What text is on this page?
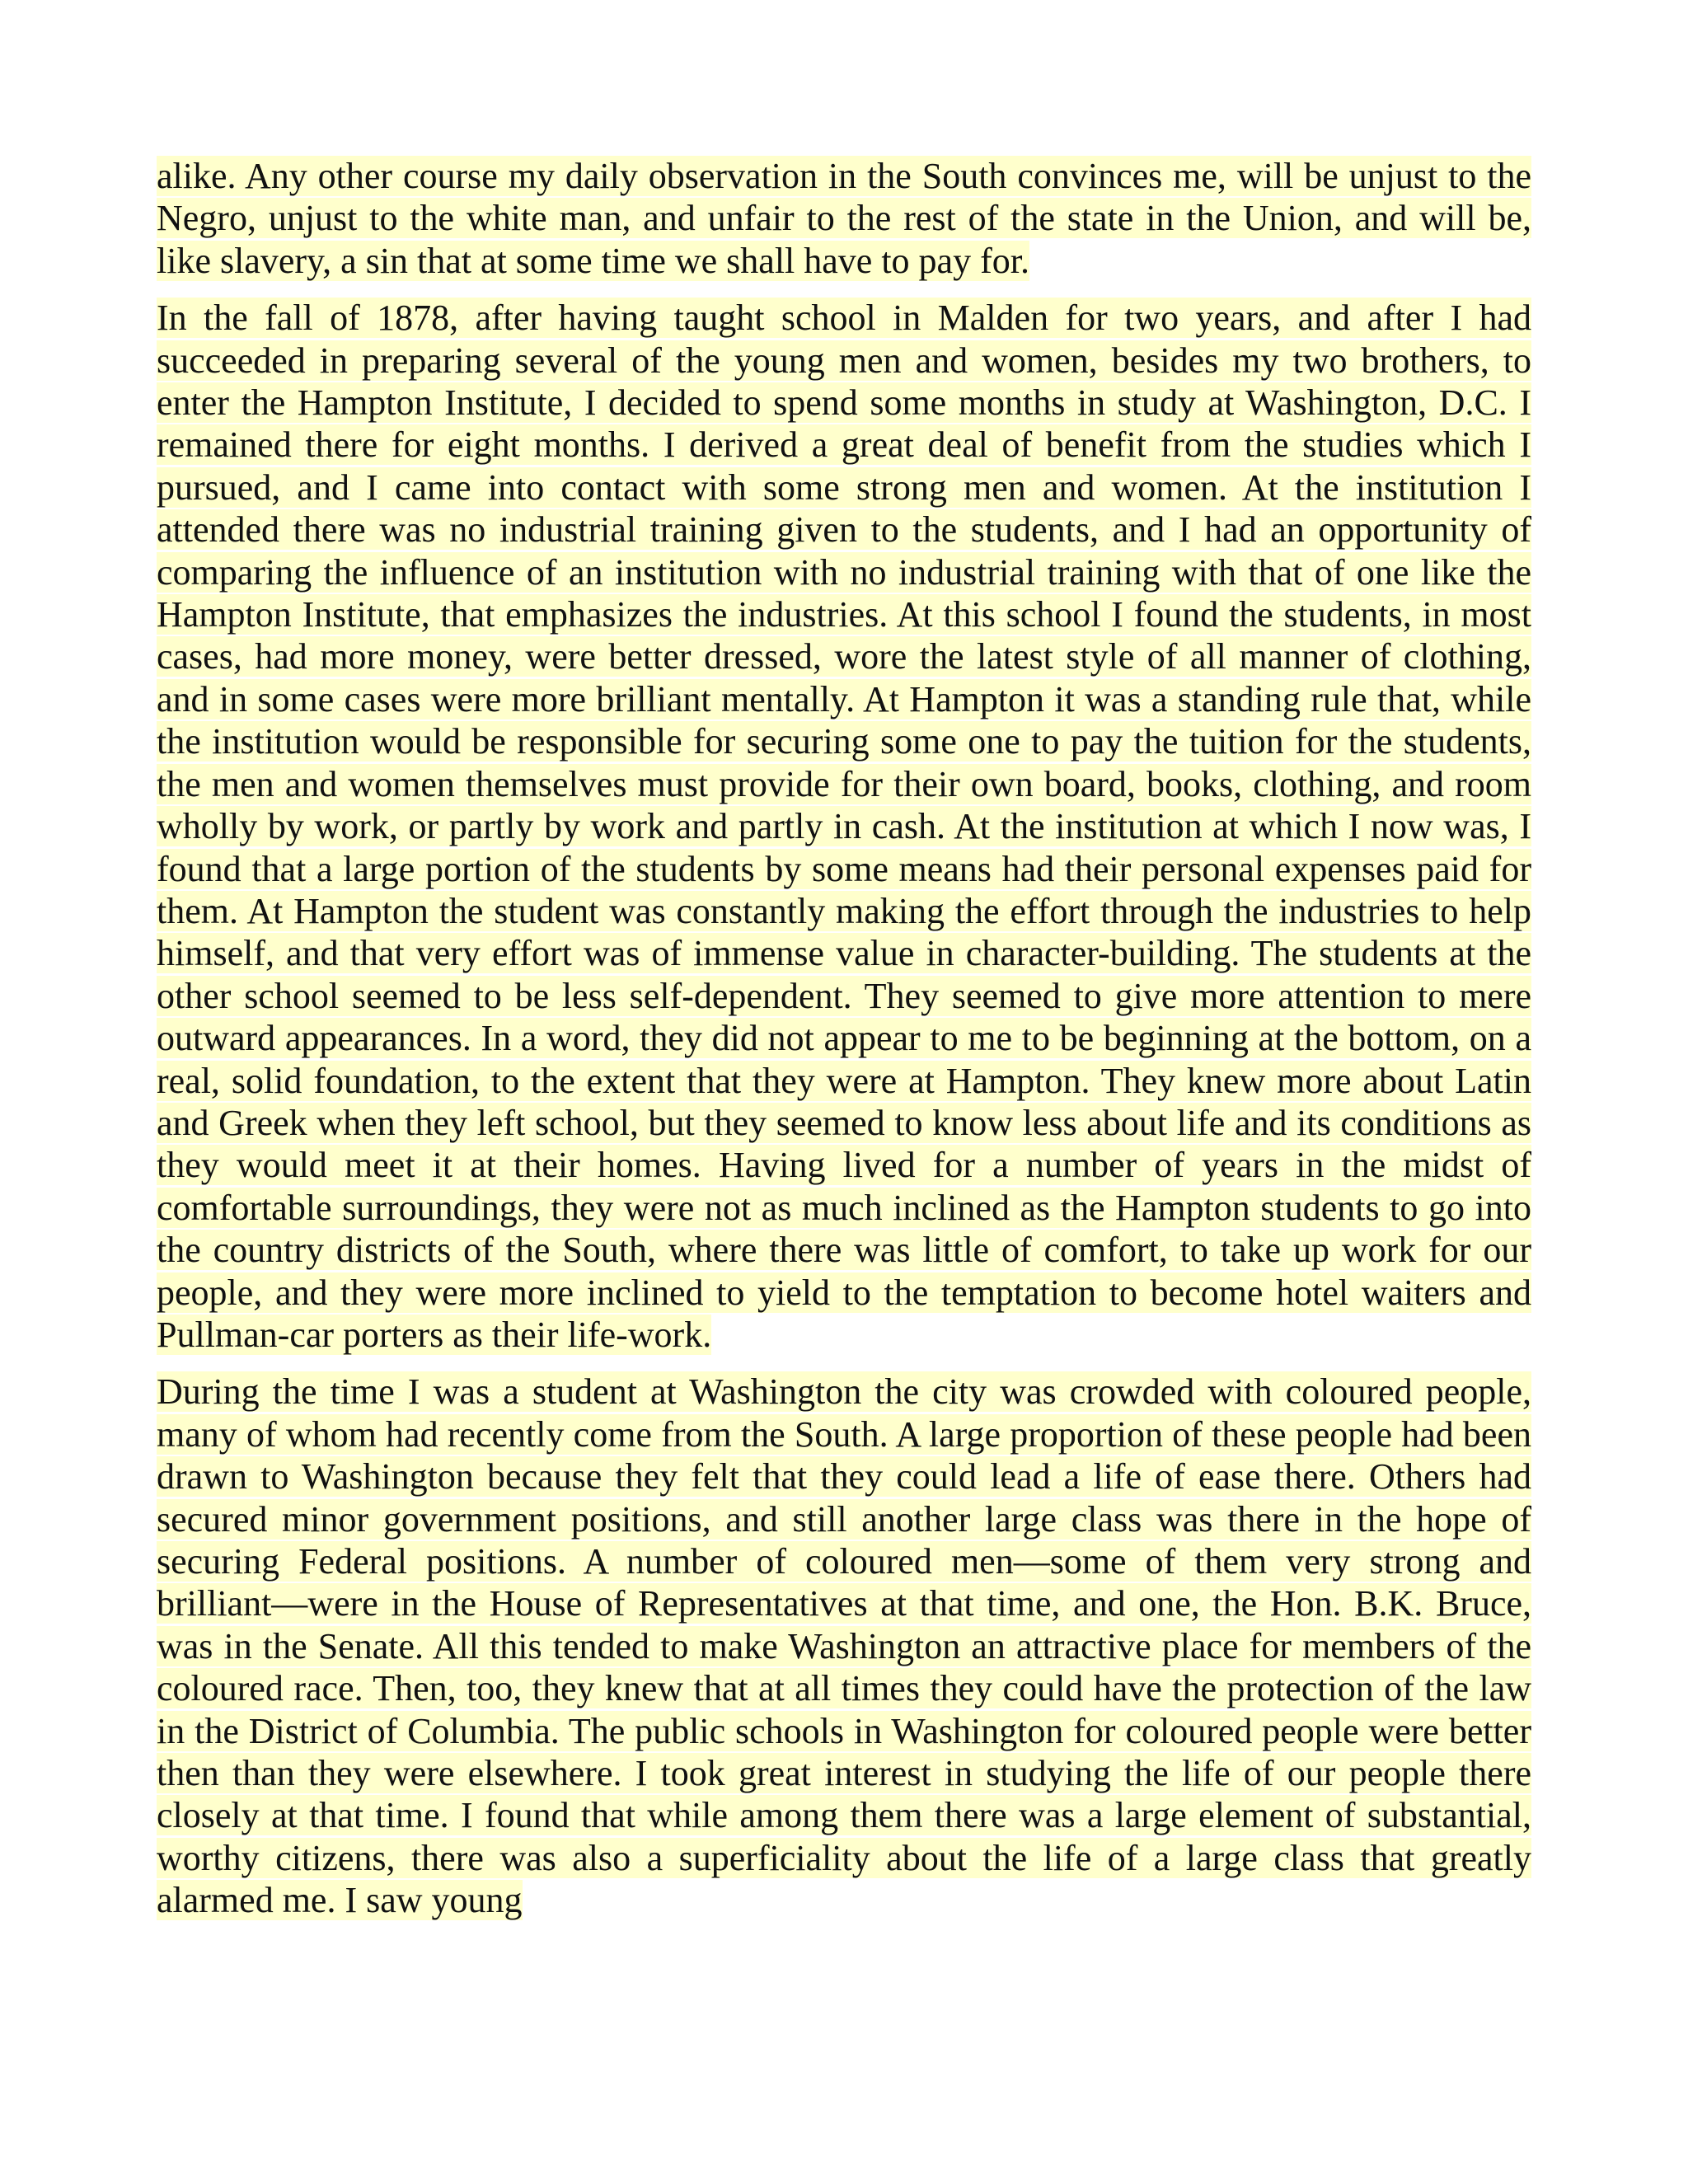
alike. Any other course my daily observation in the South convinces me, will be unjust to the Negro, unjust to the white man, and unfair to the rest of the state in the Union, and will be, like slavery, a sin that at some time we shall have to pay for.

In the fall of 1878, after having taught school in Malden for two years, and after I had succeeded in preparing several of the young men and women, besides my two brothers, to enter the Hampton Institute, I decided to spend some months in study at Washington, D.C. I remained there for eight months. I derived a great deal of benefit from the studies which I pursued, and I came into contact with some strong men and women. At the institution I attended there was no industrial training given to the students, and I had an opportunity of comparing the influence of an institution with no industrial training with that of one like the Hampton Institute, that emphasizes the industries. At this school I found the students, in most cases, had more money, were better dressed, wore the latest style of all manner of clothing, and in some cases were more brilliant mentally. At Hampton it was a standing rule that, while the institution would be responsible for securing some one to pay the tuition for the students, the men and women themselves must provide for their own board, books, clothing, and room wholly by work, or partly by work and partly in cash. At the institution at which I now was, I found that a large portion of the students by some means had their personal expenses paid for them. At Hampton the student was constantly making the effort through the industries to help himself, and that very effort was of immense value in character-building. The students at the other school seemed to be less self-dependent. They seemed to give more attention to mere outward appearances. In a word, they did not appear to me to be beginning at the bottom, on a real, solid foundation, to the extent that they were at Hampton. They knew more about Latin and Greek when they left school, but they seemed to know less about life and its conditions as they would meet it at their homes. Having lived for a number of years in the midst of comfortable surroundings, they were not as much inclined as the Hampton students to go into the country districts of the South, where there was little of comfort, to take up work for our people, and they were more inclined to yield to the temptation to become hotel waiters and Pullman-car porters as their life-work.

During the time I was a student at Washington the city was crowded with coloured people, many of whom had recently come from the South. A large proportion of these people had been drawn to Washington because they felt that they could lead a life of ease there. Others had secured minor government positions, and still another large class was there in the hope of securing Federal positions. A number of coloured men—some of them very strong and brilliant—were in the House of Representatives at that time, and one, the Hon. B.K. Bruce, was in the Senate. All this tended to make Washington an attractive place for members of the coloured race. Then, too, they knew that at all times they could have the protection of the law in the District of Columbia. The public schools in Washington for coloured people were better then than they were elsewhere. I took great interest in studying the life of our people there closely at that time. I found that while among them there was a large element of substantial, worthy citizens, there was also a superficiality about the life of a large class that greatly alarmed me. I saw young
